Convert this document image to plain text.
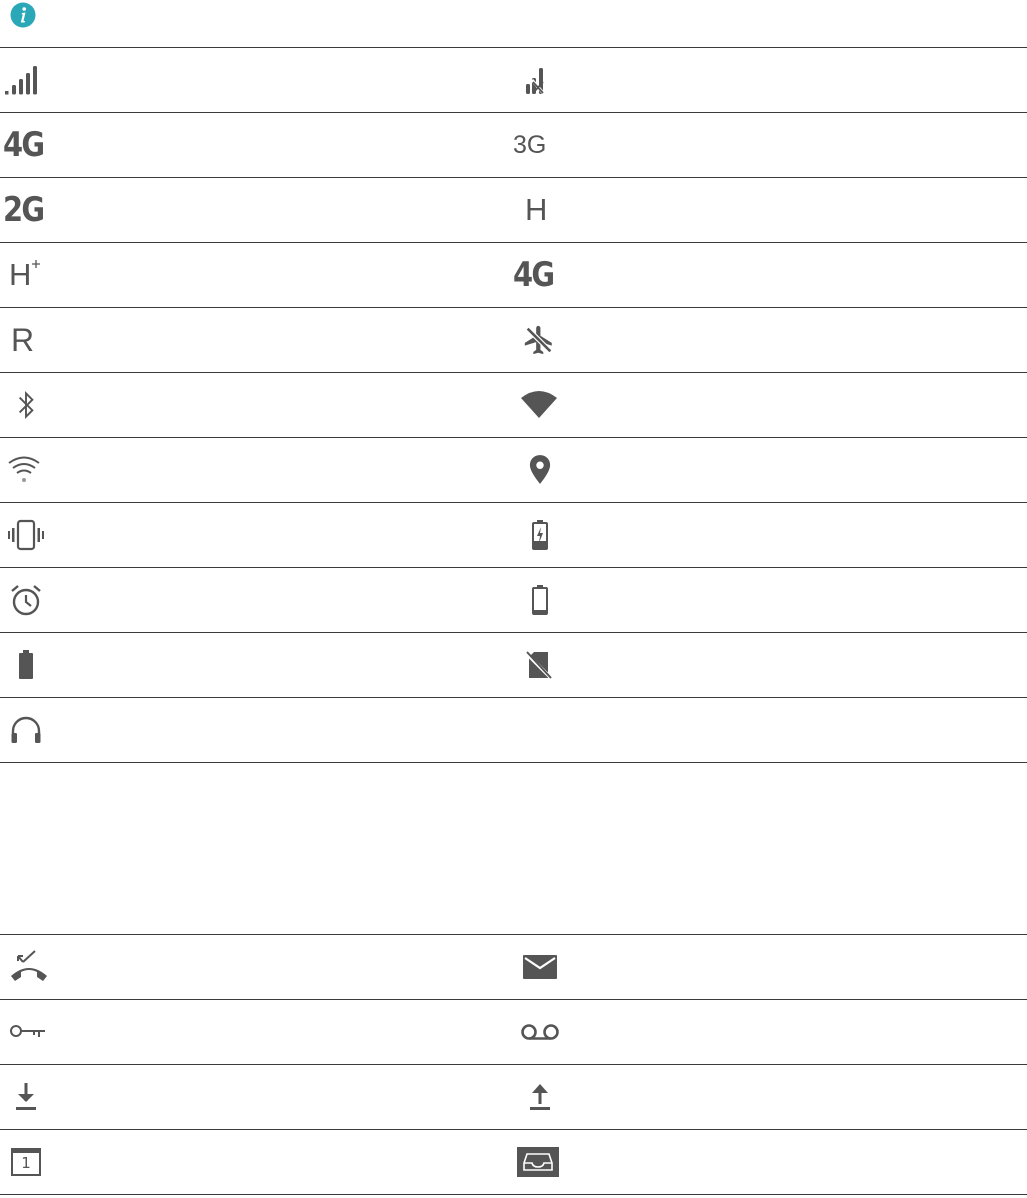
4G	3G
2G	H
H	4G
R
1
